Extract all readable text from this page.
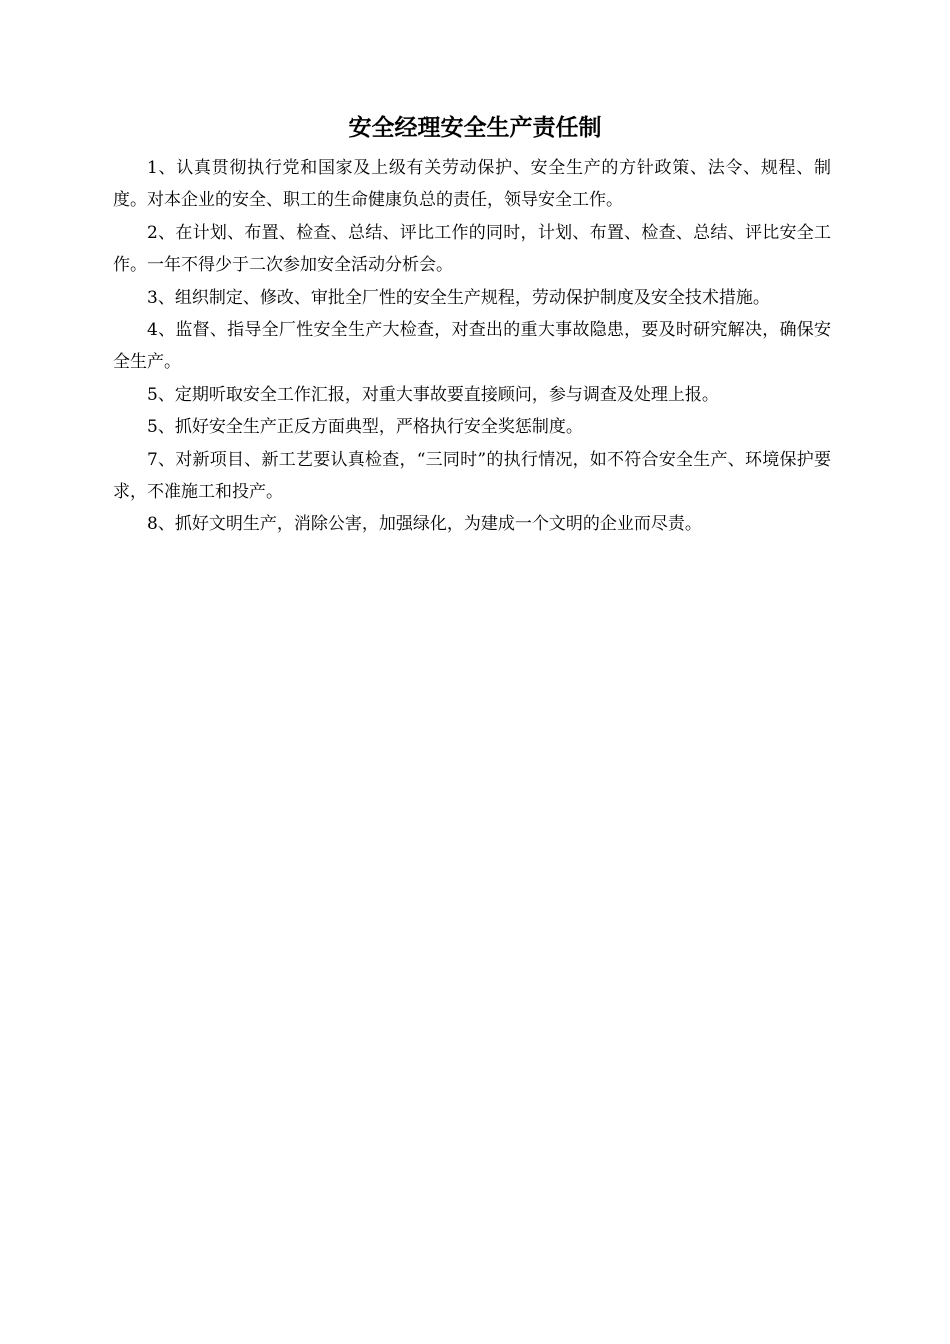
安全经理安全生产责任制

1、认真贯彻执行党和国家及上级有关劳动保护、安全生产的方针政策、法令、规程、制度。对本企业的安全、职工的生命健康负总的责任，领导安全工作。

2、在计划、布置、检查、总结、评比工作的同时，计划、布置、检查、总结、评比安全工作。一年不得少于二次参加安全活动分析会。

3、组织制定、修改、审批全厂性的安全生产规程，劳动保护制度及安全技术措施。

4、监督、指导全厂性安全生产大检查，对查出的重大事故隐患，要及时研究解决，确保安全生产。

5、定期听取安全工作汇报，对重大事故要直接顾问，参与调查及处理上报。

5、抓好安全生产正反方面典型，严格执行安全奖惩制度。

7、对新项目、新工艺要认真检查，“三同时”的执行情况，如不符合安全生产、环境保护要求，不准施工和投产。

8、抓好文明生产，消除公害，加强绿化，为建成一个文明的企业而尽责。
